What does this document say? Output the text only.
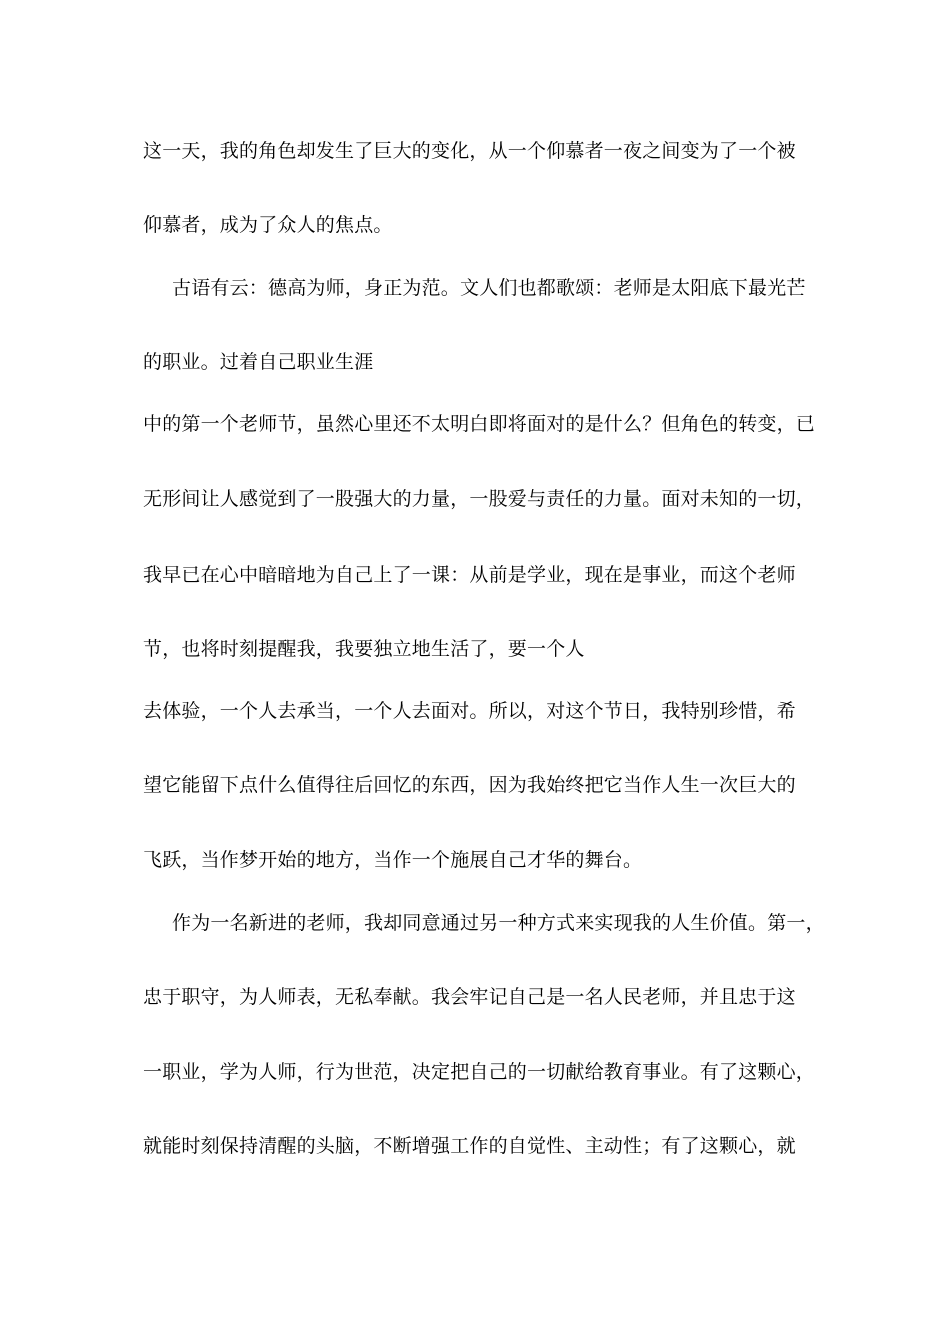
这一天，我的角色却发生了巨大的变化，从一个仰慕者一夜之间变为了一个被
仰慕者，成为了众人的焦点。
古语有云：德高为师，身正为范。文人们也都歌颂：老师是太阳底下最光芒
的职业。过着自己职业生涯
中的第一个老师节，虽然心里还不太明白即将面对的是什么？但角色的转变，已
无形间让人感觉到了一股强大的力量，一股爱与责任的力量。面对未知的一切，
我早已在心中暗暗地为自己上了一课：从前是学业，现在是事业，而这个老师
节，也将时刻提醒我，我要独立地生活了，要一个人
去体验，一个人去承当，一个人去面对。所以，对这个节日，我特别珍惜，希
望它能留下点什么值得往后回忆的东西，因为我始终把它当作人生一次巨大的
飞跃，当作梦开始的地方，当作一个施展自己才华的舞台。
作为一名新进的老师，我却同意通过另一种方式来实现我的人生价值。第一，
忠于职守，为人师表，无私奉献。我会牢记自己是一名人民老师，并且忠于这
一职业，学为人师，行为世范，决定把自己的一切献给教育事业。有了这颗心，
就能时刻保持清醒的头脑，不断增强工作的自觉性、主动性；有了这颗心，就
